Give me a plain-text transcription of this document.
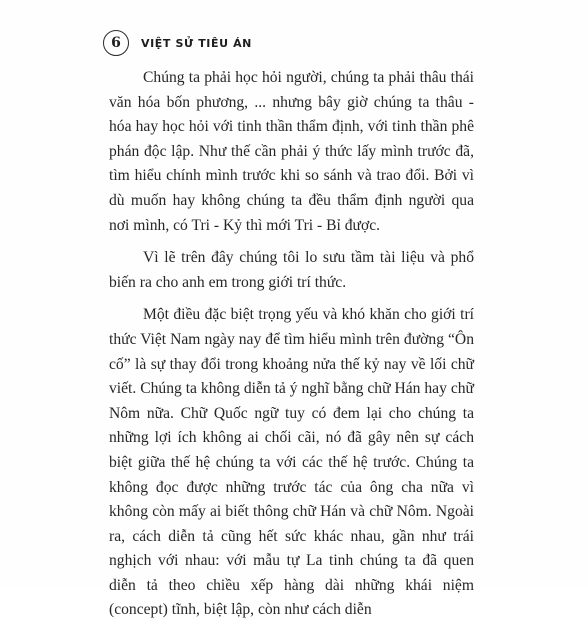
6 VIỆT SỬ TIÊU ÁN

Chúng ta phải học hỏi người, chúng ta phải thâu thái văn hóa bốn phương, ... nhưng bây giờ chúng ta thâu - hóa hay học hỏi với tinh thần thẩm định, với tinh thần phê phán độc lập. Như thế cần phải ý thức lấy mình trước đã, tìm hiểu chính mình trước khi so sánh và trao đổi. Bởi vì dù muốn hay không chúng ta đều thẩm định người qua nơi mình, có Tri - Kỷ thì mới Tri - Bỉ được.

Vì lẽ trên đây chúng tôi lo sưu tầm tài liệu và phổ biến ra cho anh em trong giới trí thức.

Một điều đặc biệt trọng yếu và khó khăn cho giới trí thức Việt Nam ngày nay để tìm hiểu mình trên đường “Ôn cố” là sự thay đổi trong khoảng nửa thế kỷ nay về lối chữ viết. Chúng ta không diễn tả ý nghĩ bằng chữ Hán hay chữ Nôm nữa. Chữ Quốc ngữ tuy có đem lại cho chúng ta những lợi ích không ai chối cãi, nó đã gây nên sự cách biệt giữa thế hệ chúng ta với các thế hệ trước. Chúng ta không đọc được những trước tác của ông cha nữa vì không còn mấy ai biết thông chữ Hán và chữ Nôm. Ngoài ra, cách diễn tả cũng hết sức khác nhau, gần như trái nghịch với nhau: với mẫu tự La tinh chúng ta đã quen diễn tả theo chiều xếp hàng dài những khái niệm (concept) tĩnh, biệt lập, còn như cách diễn
